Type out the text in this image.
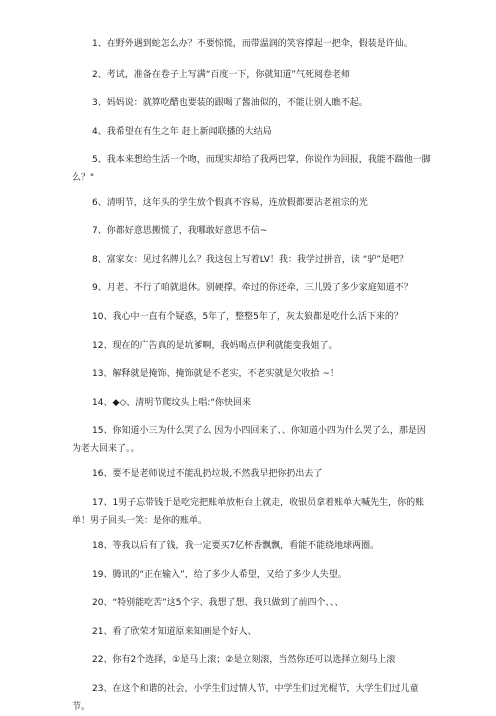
1、在野外遇到蛇怎么办？不要惊慌，而带温润的笑容撑起一把伞，假装是许仙。

2、考试，准备在卷子上写满“百度一下，你就知道”气死阅卷老师

3、妈妈说：就算吃醋也要装的跟喝了酱油似的，不能让别人瞧不起。

4、我希望在有生之年 赶上新闻联播的大结局

5、我本来想给生活一个吻，而现实却给了我两巴掌，你说作为回报，我能不踹他一脚么？"

6、清明节，这年头的学生放个假真不容易，连放假都要沾老祖宗的光

7、你都好意思搬慌了，我哪敢好意思不信~

8、富家女：见过名牌儿么？我这包上写着LV！我：我学过拼音，读 “驴”是吧？

9、月老、不行了咱就退休。别硬撑。牵过的你还牵，三儿毁了多少家庭知道不？

10、我心中一直有个疑惑，5年了，整整5年了，灰太狼都是吃什么活下来的？

12、现在的广告真的是坑爹啊，我妈喝点伊利就能变我姐了。

13、解释就是掩饰、掩饰就是不老实，不老实就是欠收拾 ~！

14、◆◇、清明节爬坟头上唱:“你快回来

15、你知道小三为什么哭了么 因为小四回来了、、你知道小四为什么哭了么，那是因为老大回来了。。

16、要不是老师说过不能乱扔垃圾,不然我早把你扔出去了

17、1男子忘带钱于是吃完把账单放柜台上就走，收银员拿着账单大喊先生，你的账单！男子回头一笑：是你的账单。

18、等我以后有了钱，我一定要买7亿杯香飘飘，看能不能绕地球两圈。

19、腾讯的“正在输入”，给了多少人希望，又给了多少人失望。

20、“特别能吃苦”这5个字、我想了想、我只做到了前四个、、、

21、看了欣荣才知道原来知画是个好人、

22、你有2个选择，①是马上滚；②是立刻滚，当然你还可以选择立刻马上滚

23、在这个和谐的社会，小学生们过情人节，中学生们过光棍节，大学生们过儿童节。
